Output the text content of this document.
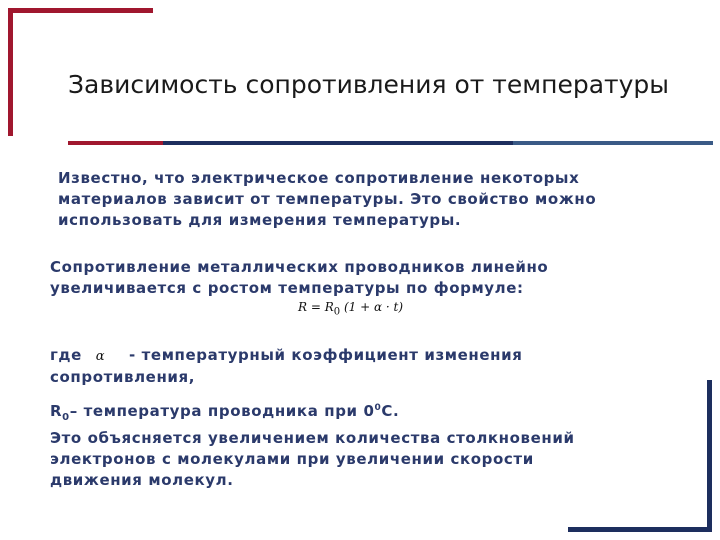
Зависимость сопротивления от температуры
Известно, что электрическое сопротивление некоторых
материалов зависит от температуры. Это свойство можно
использовать для измерения температуры.
Сопротивление металлических проводников линейно
увеличивается с ростом температуры по формуле:
$R = R_0$ (1 + α · t)
где α - температурный коэффициент изменения
сопротивления,
$R_0-$ температура проводника при $0^0С$.
Это объясняется увеличением количества столкновений
электронов с молекулами при увеличении скорости
движения молекул.
